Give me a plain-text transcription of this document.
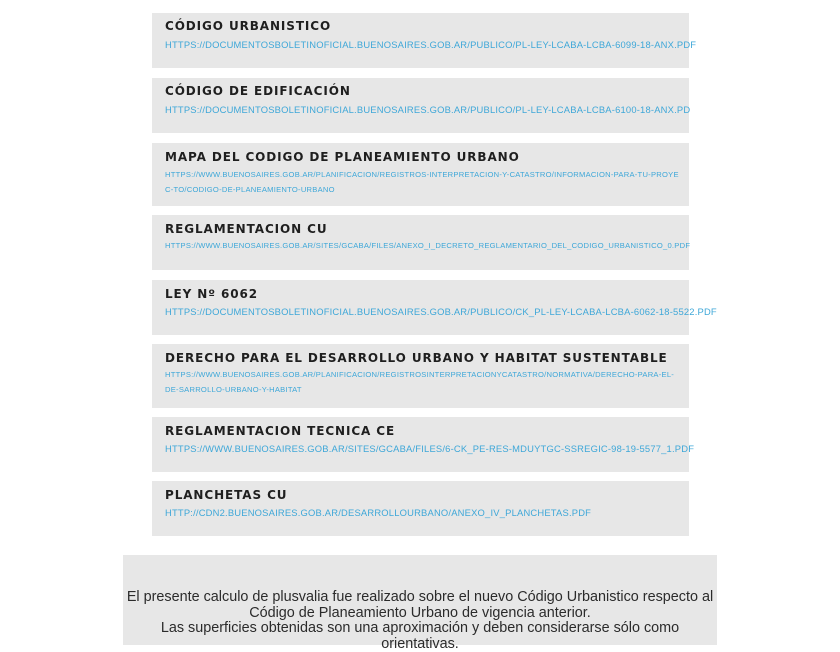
CÓDIGO URBANISTICO
HTTPS://DOCUMENTOSBOLETINOFICIAL.BUENOSAIRES.GOB.AR/PUBLICO/PL-LEY-LCABA-LCBA-6099-18-ANX.PDF
CÓDIGO DE EDIFICACIÓN
HTTPS://DOCUMENTOSBOLETINOFICIAL.BUENOSAIRES.GOB.AR/PUBLICO/PL-LEY-LCABA-LCBA-6100-18-ANX.PD
MAPA DEL CODIGO DE PLANEAMIENTO URBANO
HTTPS://WWW.BUENOSAIRES.GOB.AR/PLANIFICACION/REGISTROS-INTERPRETACION-Y-CATASTRO/INFORMACION-PARA-TU-PROYEC-TO/CODIGO-DE-PLANEAMIENTO-URBANO
REGLAMENTACION CU
HTTPS://WWW.BUENOSAIRES.GOB.AR/SITES/GCABA/FILES/ANEXO_I_DECRETO_REGLAMENTARIO_DEL_CODIGO_URBANISTICO_0.PDF
LEY Nº 6062
HTTPS://DOCUMENTOSBOLETINOFICIAL.BUENOSAIRES.GOB.AR/PUBLICO/CK_PL-LEY-LCABA-LCBA-6062-18-5522.PDF
DERECHO PARA EL DESARROLLO URBANO Y HABITAT SUSTENTABLE
HTTPS://WWW.BUENOSAIRES.GOB.AR/PLANIFICACION/REGISTROSINTERPRETACIONYCATASTRO/NORMATIVA/DERECHO-PARA-EL-DE-SARROLLO-URBANO-Y-HABITAT
REGLAMENTACION TECNICA CE
HTTPS://WWW.BUENOSAIRES.GOB.AR/SITES/GCABA/FILES/6-CK_PE-RES-MDUYTGC-SSREGIC-98-19-5577_1.PDF
PLANCHETAS CU
HTTP://CDN2.BUENOSAIRES.GOB.AR/DESARROLLOURBANO/ANEXO_IV_PLANCHETAS.PDF

El presente calculo de plusvalia fue realizado sobre el nuevo Código Urbanistico respecto al

Código de Planeamiento Urbano de vigencia anterior.

Las superficies obtenidas son una aproximación y deben considerarse sólo como orientativas.
